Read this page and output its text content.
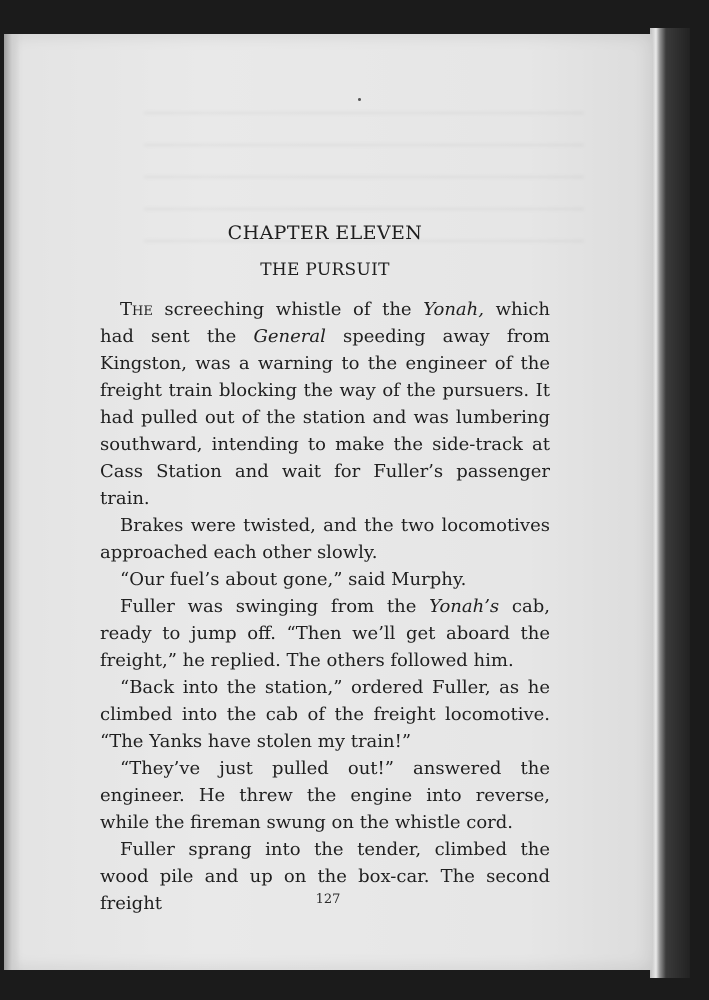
CHAPTER ELEVEN
THE PURSUIT

The screeching whistle of the Yonah, which had sent the General speeding away from Kingston, was a warning to the engineer of the freight train blocking the way of the pursuers. It had pulled out of the station and was lumbering southward, intending to make the side-track at Cass Station and wait for Fuller’s passenger train.

Brakes were twisted, and the two locomotives approached each other slowly.

“Our fuel’s about gone,” said Murphy.

Fuller was swinging from the Yonah’s cab, ready to jump off. “Then we’ll get aboard the freight,” he replied. The others followed him.

“Back into the station,” ordered Fuller, as he climbed into the cab of the freight locomotive. “The Yanks have stolen my train!”

“They’ve just pulled out!” answered the engineer. He threw the engine into reverse, while the fireman swung on the whistle cord.

Fuller sprang into the tender, climbed the wood pile and up on the box-car. The second freight	127
